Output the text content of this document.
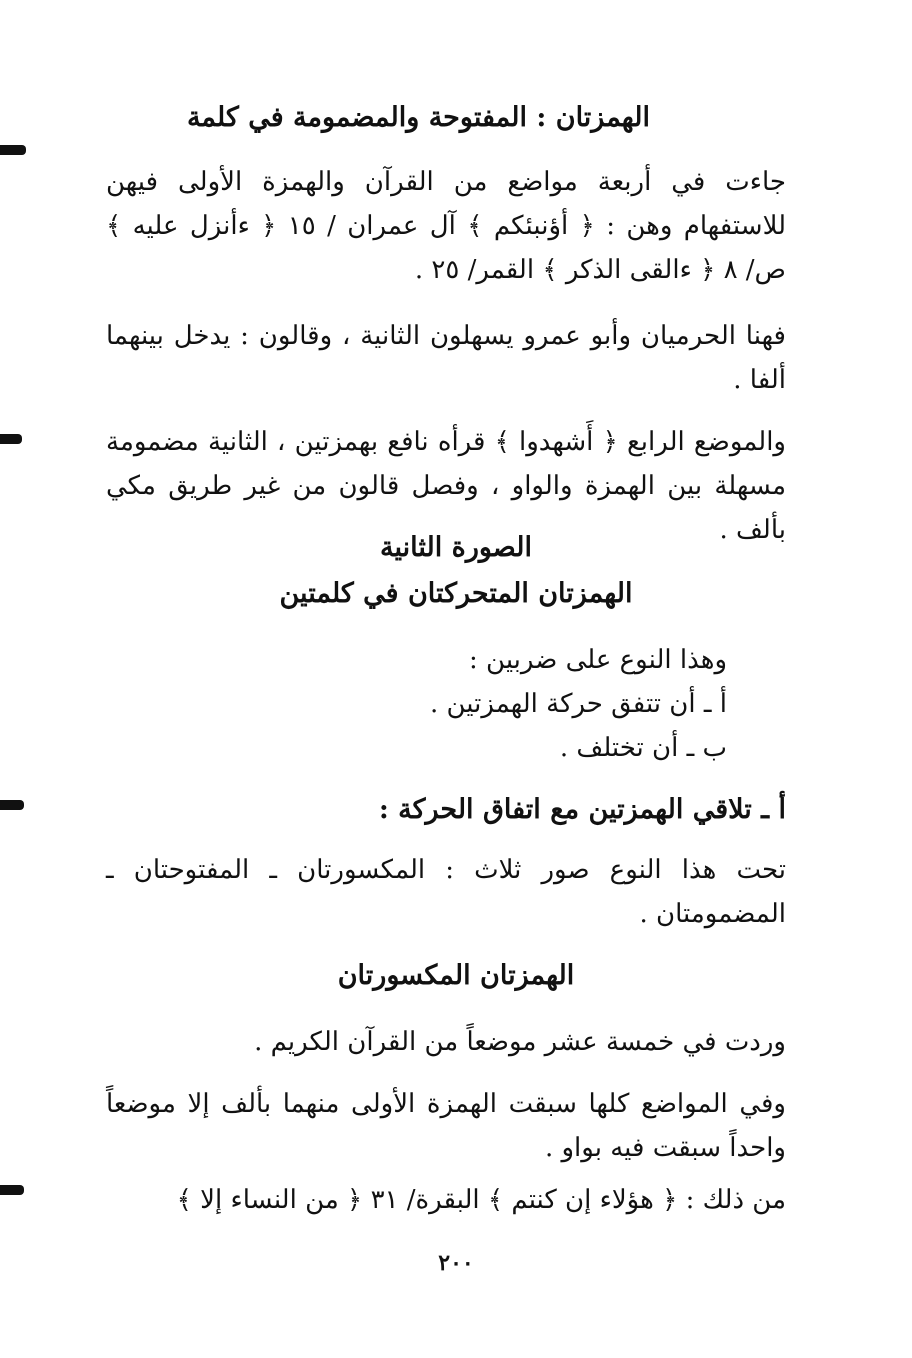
الهمزتان : المفتوحة والمضمومة في كلمة
جاءت في أربعة مواضع من القرآن والهمزة الأولى فيهن للاستفهام وهن : ﴿ أؤنبئكم ﴾ آل عمران / ١٥ ﴿ ءأنزل عليه ﴾ ص/ ٨ ﴿ ءالقى الذكر ﴾ القمر/ ٢٥ .
فهنا الحرميان وأبو عمرو يسهلون الثانية ، وقالون : يدخل بينهما ألفا .
والموضع الرابع ﴿ أَشهدوا ﴾ قرأه نافع بهمزتين ، الثانية مضمومة مسهلة بين الهمزة والواو ، وفصل قالون من غير طريق مكي بألف .
الصورة الثانية
الهمزتان المتحركتان في كلمتين
وهذا النوع على ضربين :
أ ـ أن تتفق حركة الهمزتين .
ب ـ أن تختلف .
أ ـ تلاقي الهمزتين مع اتفاق الحركة :
تحت هذا النوع صور ثلاث : المكسورتان ـ المفتوحتان ـ المضمومتان .
الهمزتان المكسورتان
وردت في خمسة عشر موضعاً من القرآن الكريم .
وفي المواضع كلها سبقت الهمزة الأولى منهما بألف إلا موضعاً واحداً سبقت فيه بواو .
من ذلك : ﴿ هؤلاء إن كنتم ﴾ البقرة/ ٣١ ﴿ من النساء إلا ﴾
٢٠٠
